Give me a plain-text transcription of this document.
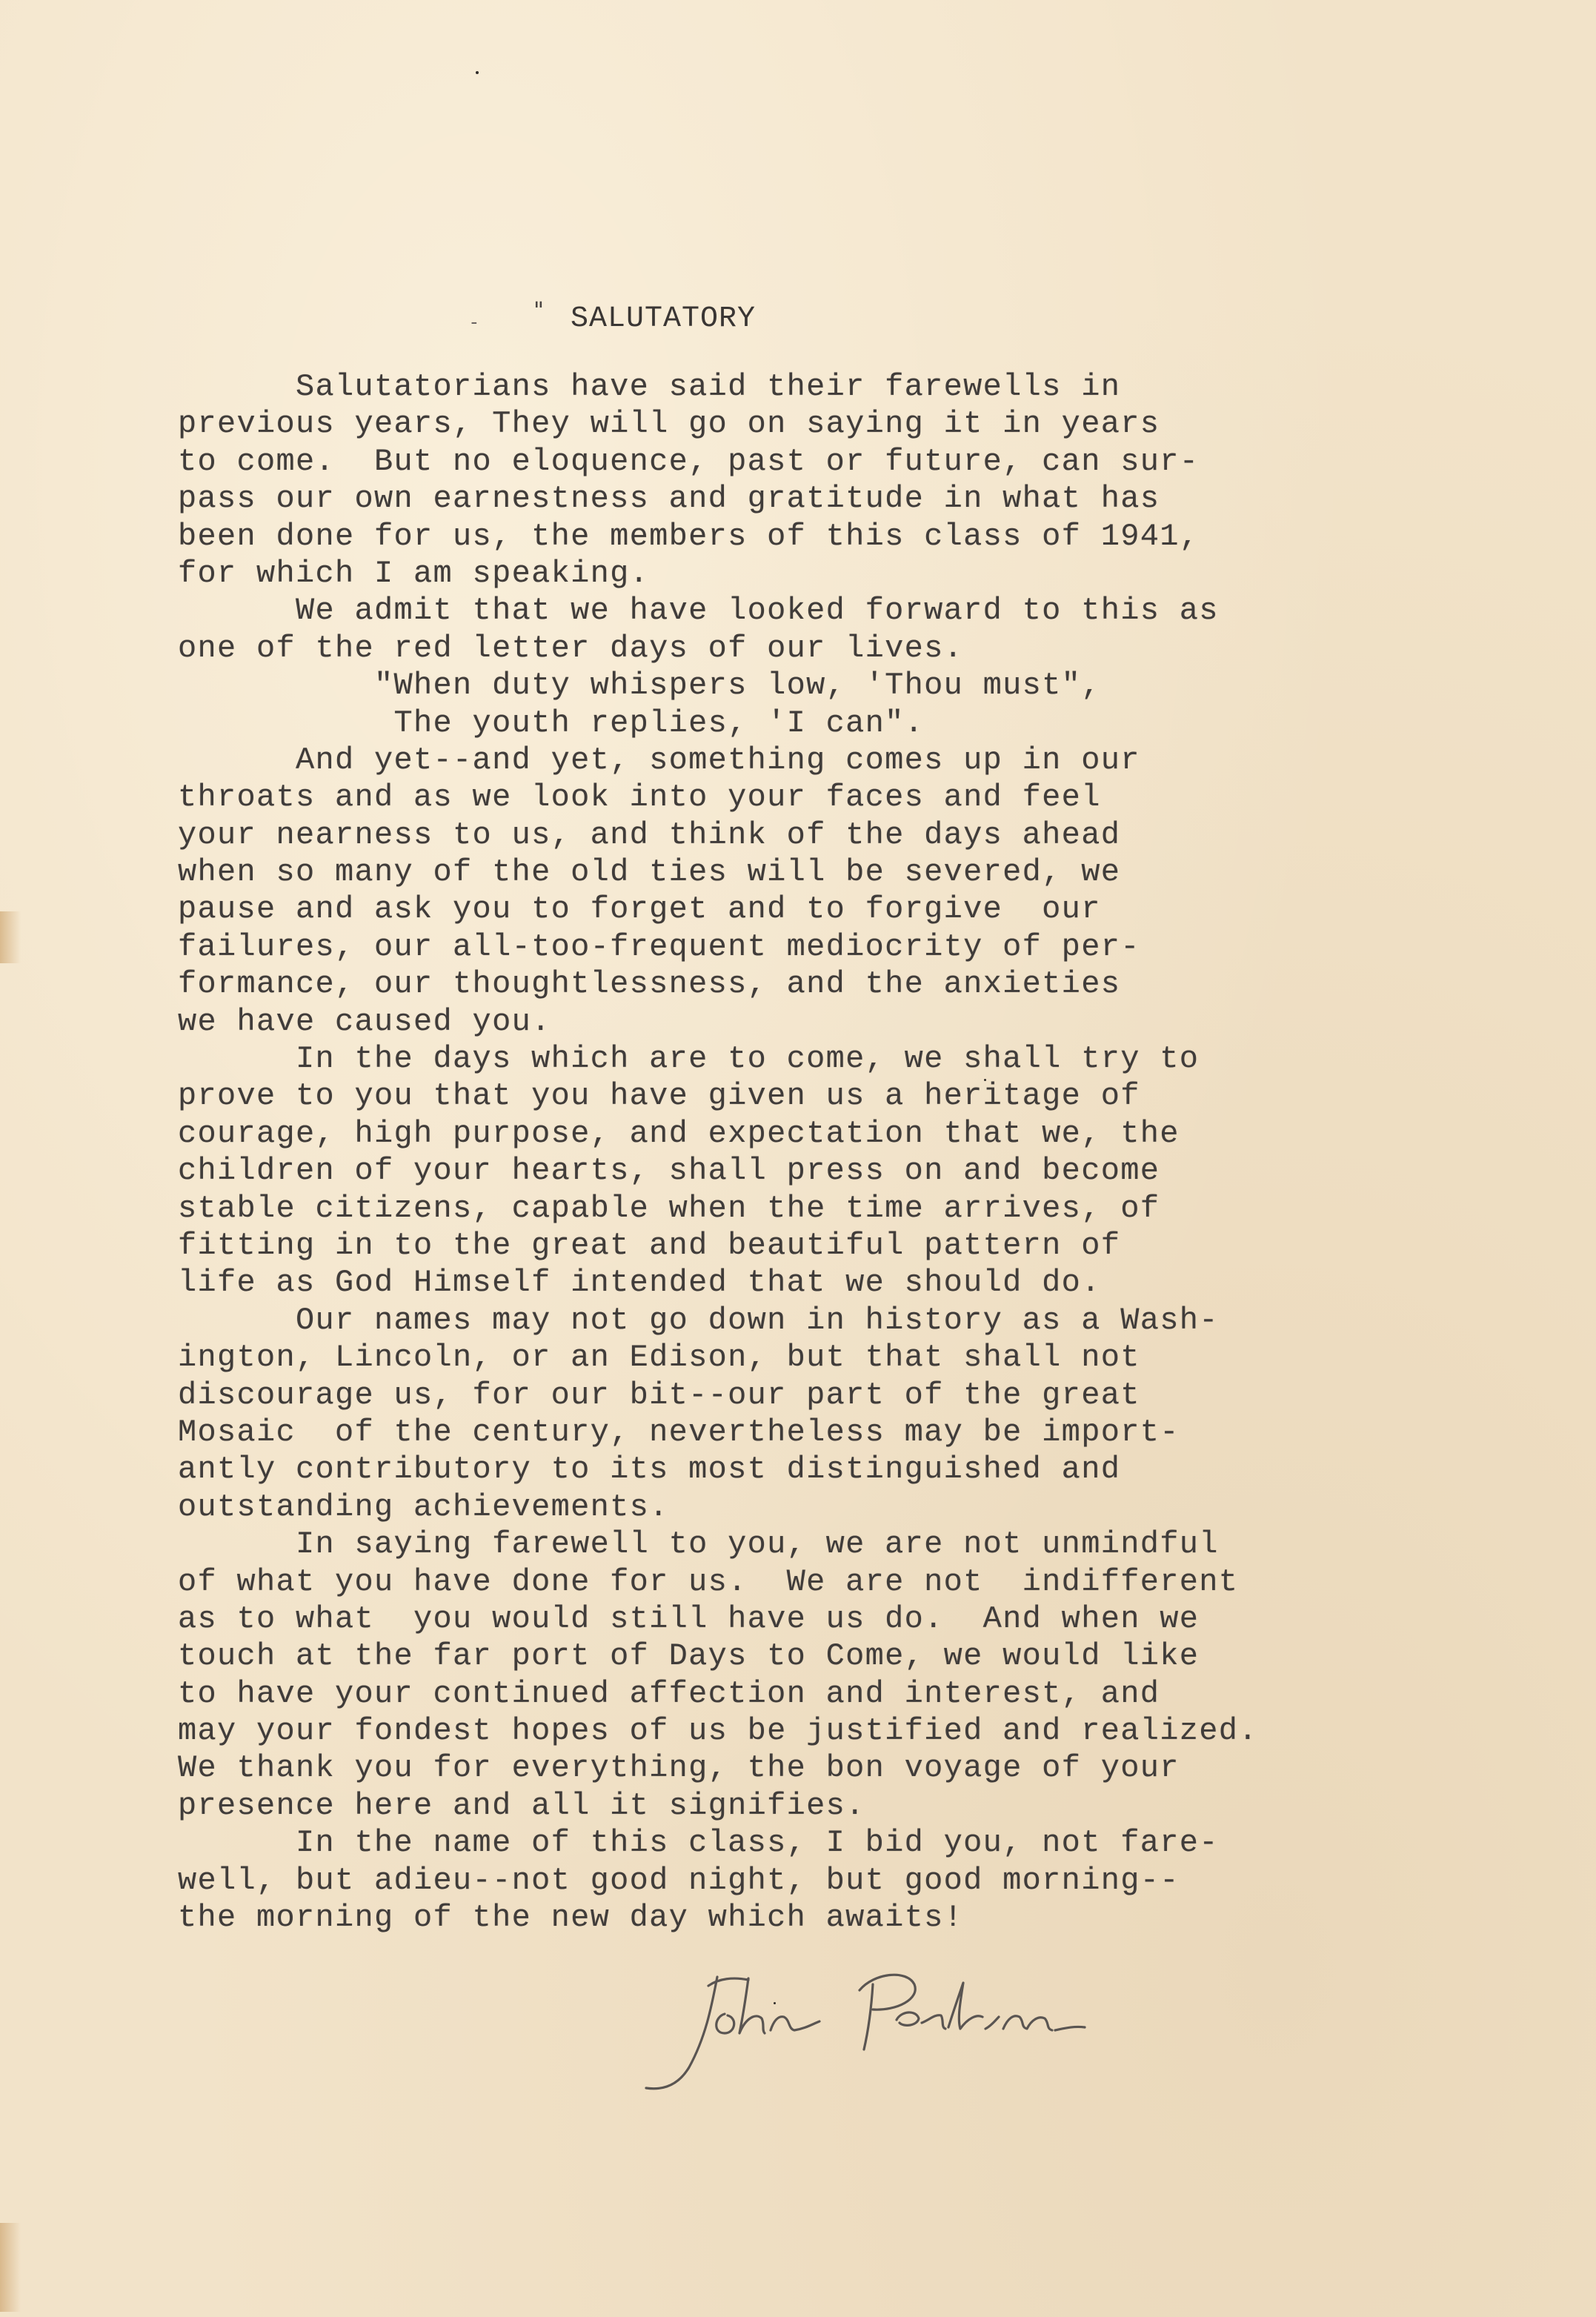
- " SALUTATORY
Salutatorians have said their farewells in
previous years, They will go on saying it in years
to come.  But no eloquence, past or future, can sur-
pass our own earnestness and gratitude in what has
been done for us, the members of this class of 1941,
for which I am speaking.
We admit that we have looked forward to this as
one of the red letter days of our lives.
"When duty whispers low, 'Thou must",
The youth replies, 'I can".
And yet--and yet, something comes up in our
throats and as we look into your faces and feel
your nearness to us, and think of the days ahead
when so many of the old ties will be severed, we
pause and ask you to forget and to forgive  our
failures, our all-too-frequent mediocrity of per-
formance, our thoughtlessness, and the anxieties
we have caused you.
In the days which are to come, we shall try to
prove to you that you have given us a heritage of
courage, high purpose, and expectation that we, the
children of your hearts, shall press on and become
stable citizens, capable when the time arrives, of
fitting in to the great and beautiful pattern of
life as God Himself intended that we should do.
Our names may not go down in history as a Wash-
ington, Lincoln, or an Edison, but that shall not
discourage us, for our bit--our part of the great
Mosaic  of the century, nevertheless may be import-
antly contributory to its most distinguished and
outstanding achievements.
In saying farewell to you, we are not unmindful
of what you have done for us.  We are not  indifferent
as to what  you would still have us do.  And when we
touch at the far port of Days to Come, we would like
to have your continued affection and interest, and
may your fondest hopes of us be justified and realized.
We thank you for everything, the bon voyage of your
presence here and all it signifies.
In the name of this class, I bid you, not fare-
well, but adieu--not good night, but good morning--
the morning of the new day which awaits!
